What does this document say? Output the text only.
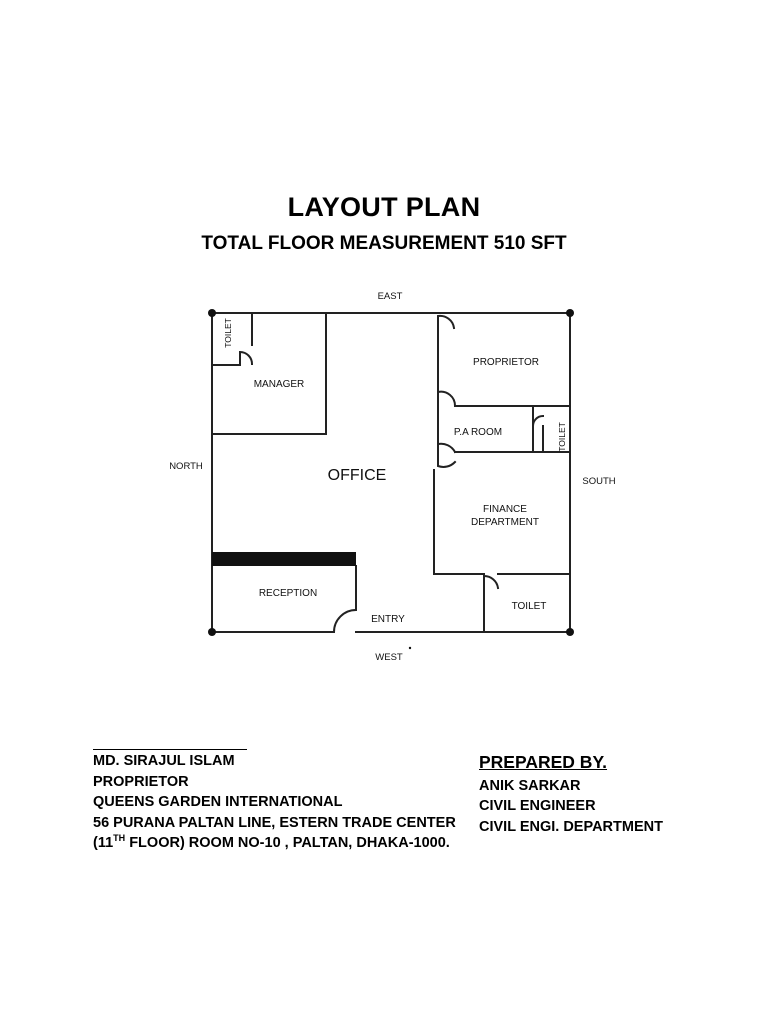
LAYOUT PLAN
TOTAL FLOOR MEASUREMENT 510 SFT
EAST
WEST
NORTH
SOUTH
TOILET
MANAGER
OFFICE
RECEPTION
ENTRY
PROPRIETOR
P.A ROOM	TOILET
FINANCE
DEPARTMENT
TOILET
MD. SIRAJUL ISLAM
PROPRIETOR
QUEENS GARDEN INTERNATIONAL
56 PURANA PALTAN LINE, ESTERN TRADE CENTER
(11TH FLOOR) ROOM NO-10 , PALTAN, DHAKA-1000.
PREPARED BY.
ANIK SARKAR
CIVIL ENGINEER
CIVIL ENGI. DEPARTMENT
